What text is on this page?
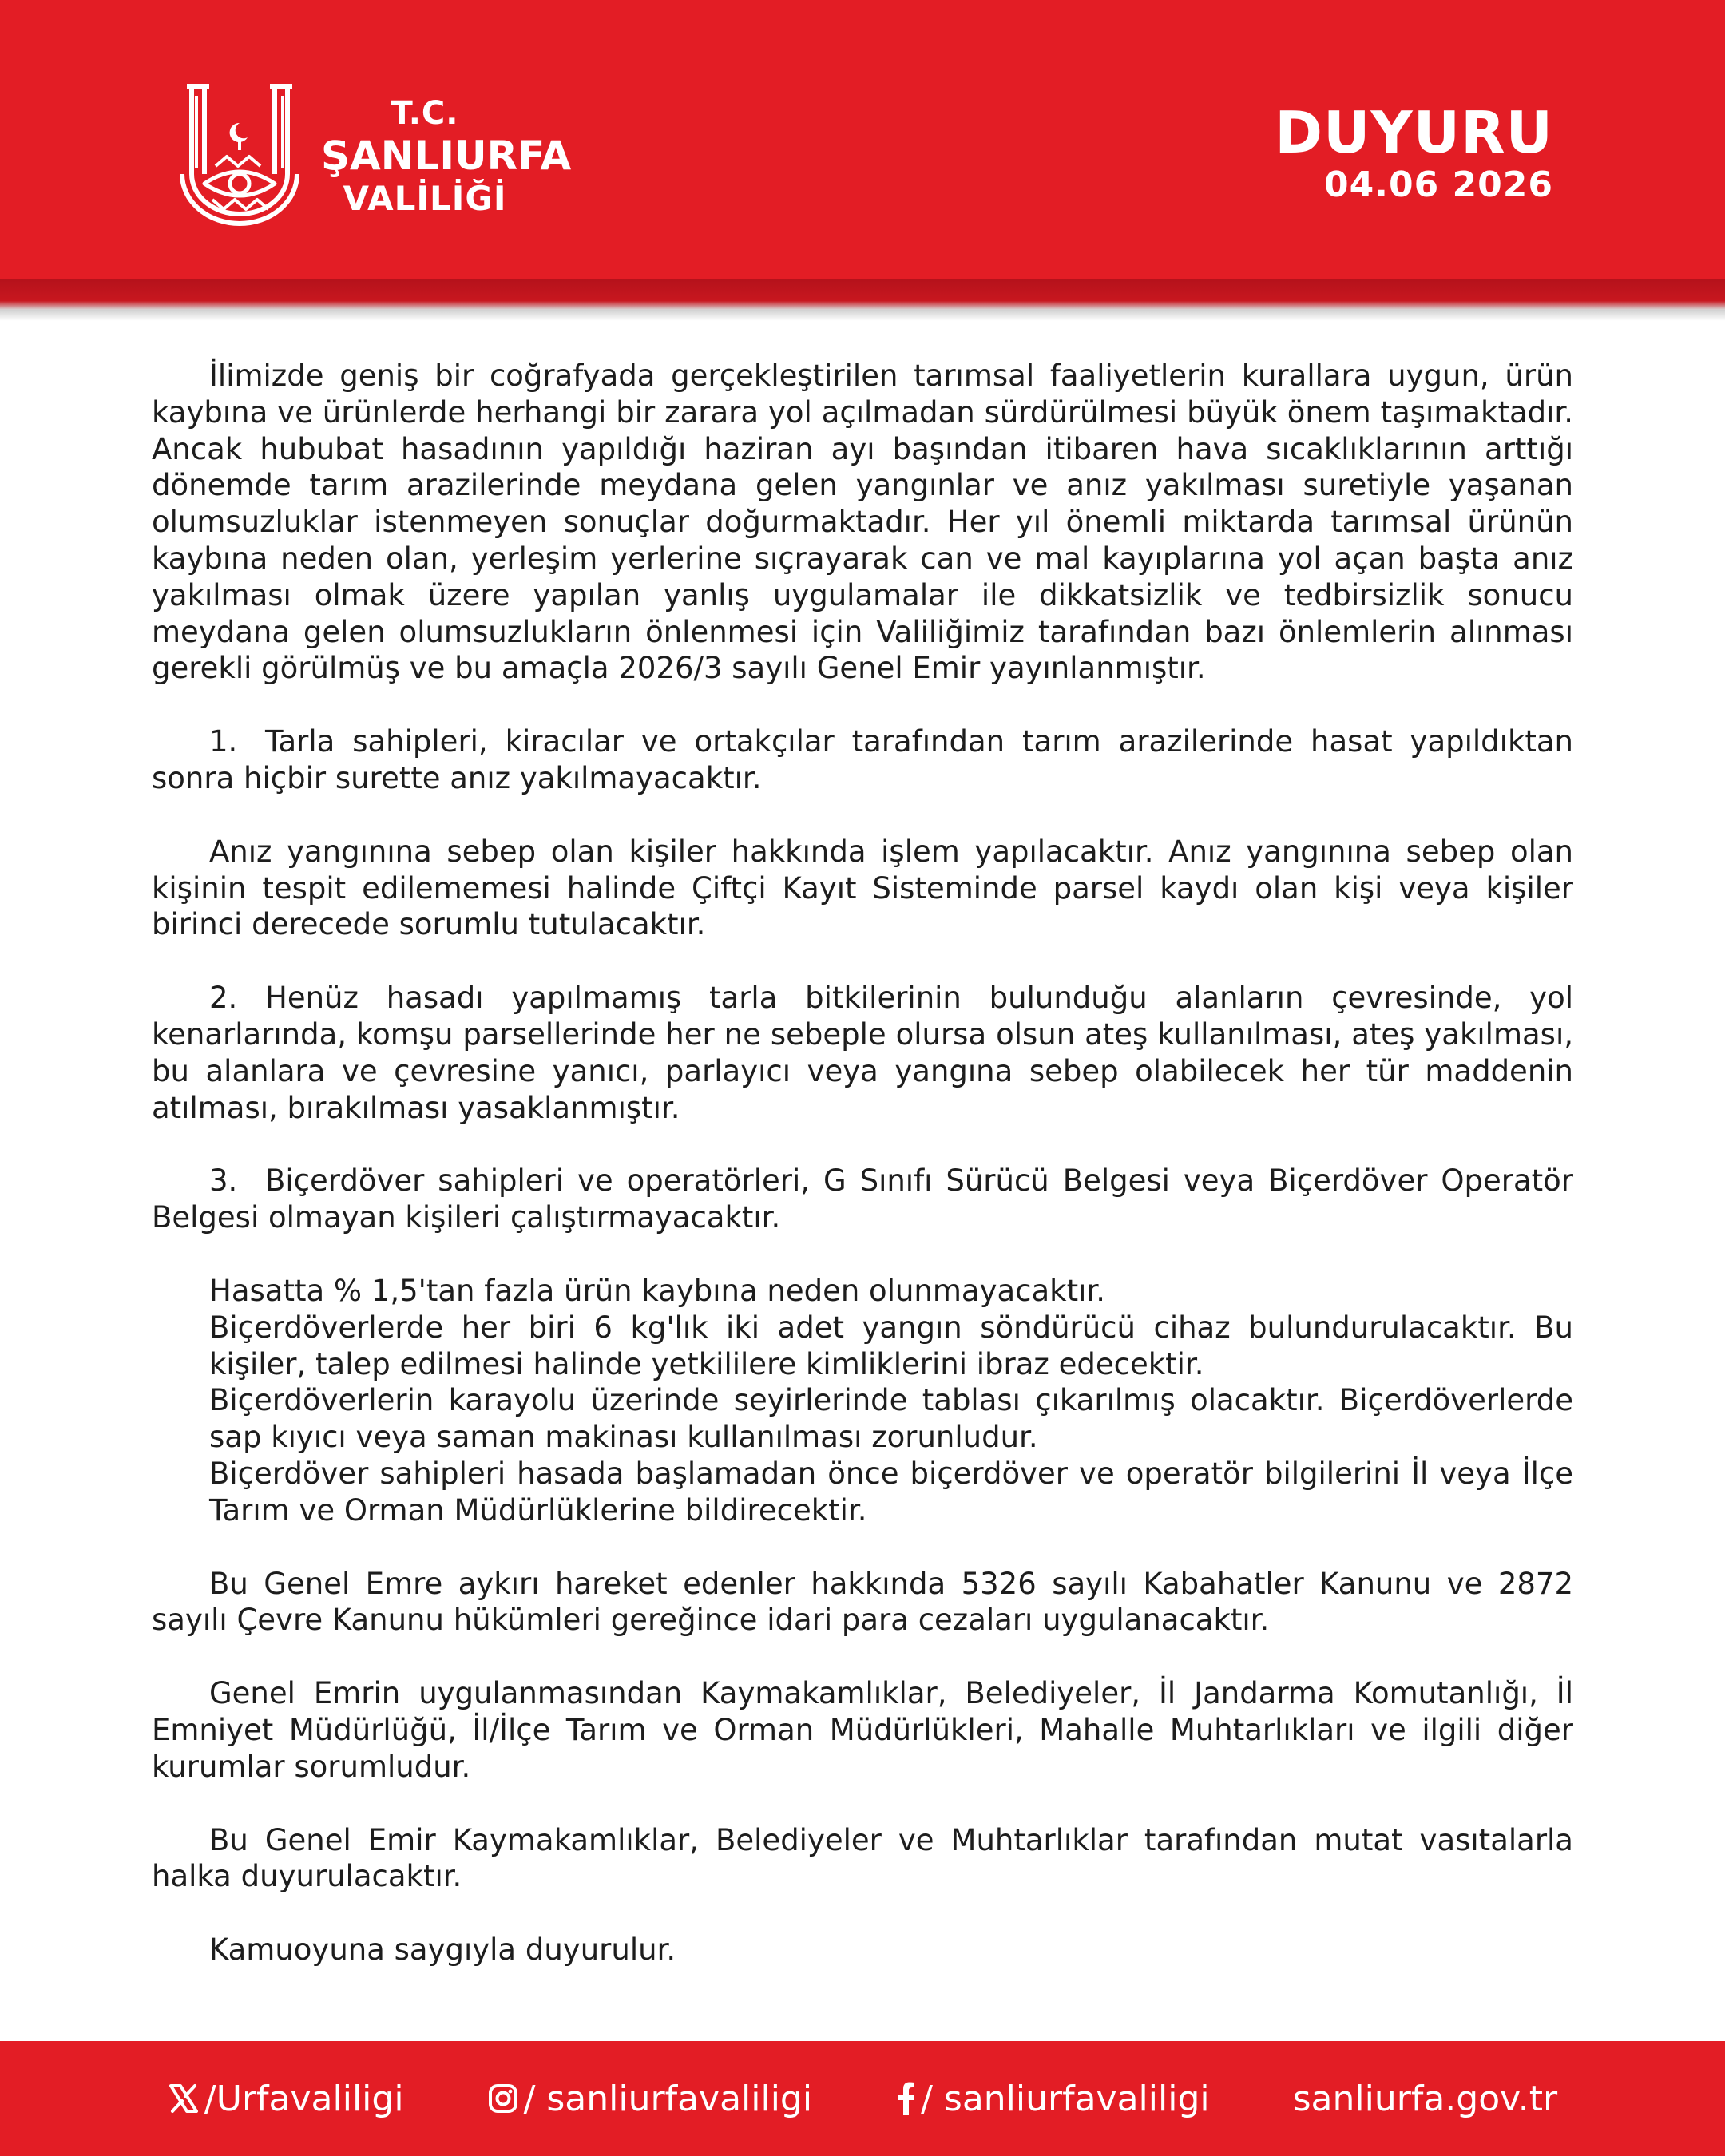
T.C.
ŞANLIURFA
VALİLİĞİ
DUYURU
04.06 2026

İlimizde geniş bir coğrafyada gerçekleştirilen tarımsal faaliyetlerin kurallara uygun, ürün kaybına ve ürünlerde herhangi bir zarara yol açılmadan sürdürülmesi büyük önem taşımaktadır. Ancak hububat hasadının yapıldığı haziran ayı başından itibaren hava sıcaklıklarının arttığı dönemde tarım arazilerinde meydana gelen yangınlar ve anız yakılması suretiyle yaşanan olumsuzluklar istenmeyen sonuçlar doğurmaktadır. Her yıl önemli miktarda tarımsal ürünün kaybına neden olan, yerleşim yerlerine sıçrayarak can ve mal kayıplarına yol açan başta anız yakılması olmak üzere yapılan yanlış uygulamalar ile dikkatsizlik ve tedbirsizlik sonucu meydana gelen olumsuzlukların önlenmesi için Valiliğimiz tarafından bazı önlemlerin alınması gerekli görülmüş ve bu amaçla 2026/3 sayılı Genel Emir yayınlanmıştır.

1. Tarla sahipleri, kiracılar ve ortakçılar tarafından tarım arazilerinde hasat yapıldıktan sonra hiçbir surette anız yakılmayacaktır.

Anız yangınına sebep olan kişiler hakkında işlem yapılacaktır. Anız yangınına sebep olan kişinin tespit edilememesi halinde Çiftçi Kayıt Sisteminde parsel kaydı olan kişi veya kişiler birinci derecede sorumlu tutulacaktır.

2. Henüz hasadı yapılmamış tarla bitkilerinin bulunduğu alanların çevresinde, yol kenarlarında, komşu parsellerinde her ne sebeple olursa olsun ateş kullanılması, ateş yakılması, bu alanlara ve çevresine yanıcı, parlayıcı veya yangına sebep olabilecek her tür maddenin atılması, bırakılması yasaklanmıştır.

3. Biçerdöver sahipleri ve operatörleri, G Sınıfı Sürücü Belgesi veya Biçerdöver Operatör Belgesi olmayan kişileri çalıştırmayacaktır.

Hasatta % 1,5'tan fazla ürün kaybına neden olunmayacaktır.

Biçerdöverlerde her biri 6 kg'lık iki adet yangın söndürücü cihaz bulundurulacaktır. Bu kişiler, talep edilmesi halinde yetkililere kimliklerini ibraz edecektir.

Biçerdöverlerin karayolu üzerinde seyirlerinde tablası çıkarılmış olacaktır. Biçerdöverlerde sap kıyıcı veya saman makinası kullanılması zorunludur.

Biçerdöver sahipleri hasada başlamadan önce biçerdöver ve operatör bilgilerini İl veya İlçe Tarım ve Orman Müdürlüklerine bildirecektir.

Bu Genel Emre aykırı hareket edenler hakkında 5326 sayılı Kabahatler Kanunu ve 2872 sayılı Çevre Kanunu hükümleri gereğince idari para cezaları uygulanacaktır.

Genel Emrin uygulanmasından Kaymakamlıklar, Belediyeler, İl Jandarma Komutanlığı, İl Emniyet Müdürlüğü, İl/İlçe Tarım ve Orman Müdürlükleri, Mahalle Muhtarlıkları ve ilgili diğer kurumlar sorumludur.

Bu Genel Emir Kaymakamlıklar, Belediyeler ve Muhtarlıklar tarafından mutat vasıtalarla halka duyurulacaktır.

Kamuoyuna saygıyla duyurulur.

/Urfavaliligi	/ sanliurfavaliligi	/ sanliurfavaliligi sanliurfa.gov.tr
